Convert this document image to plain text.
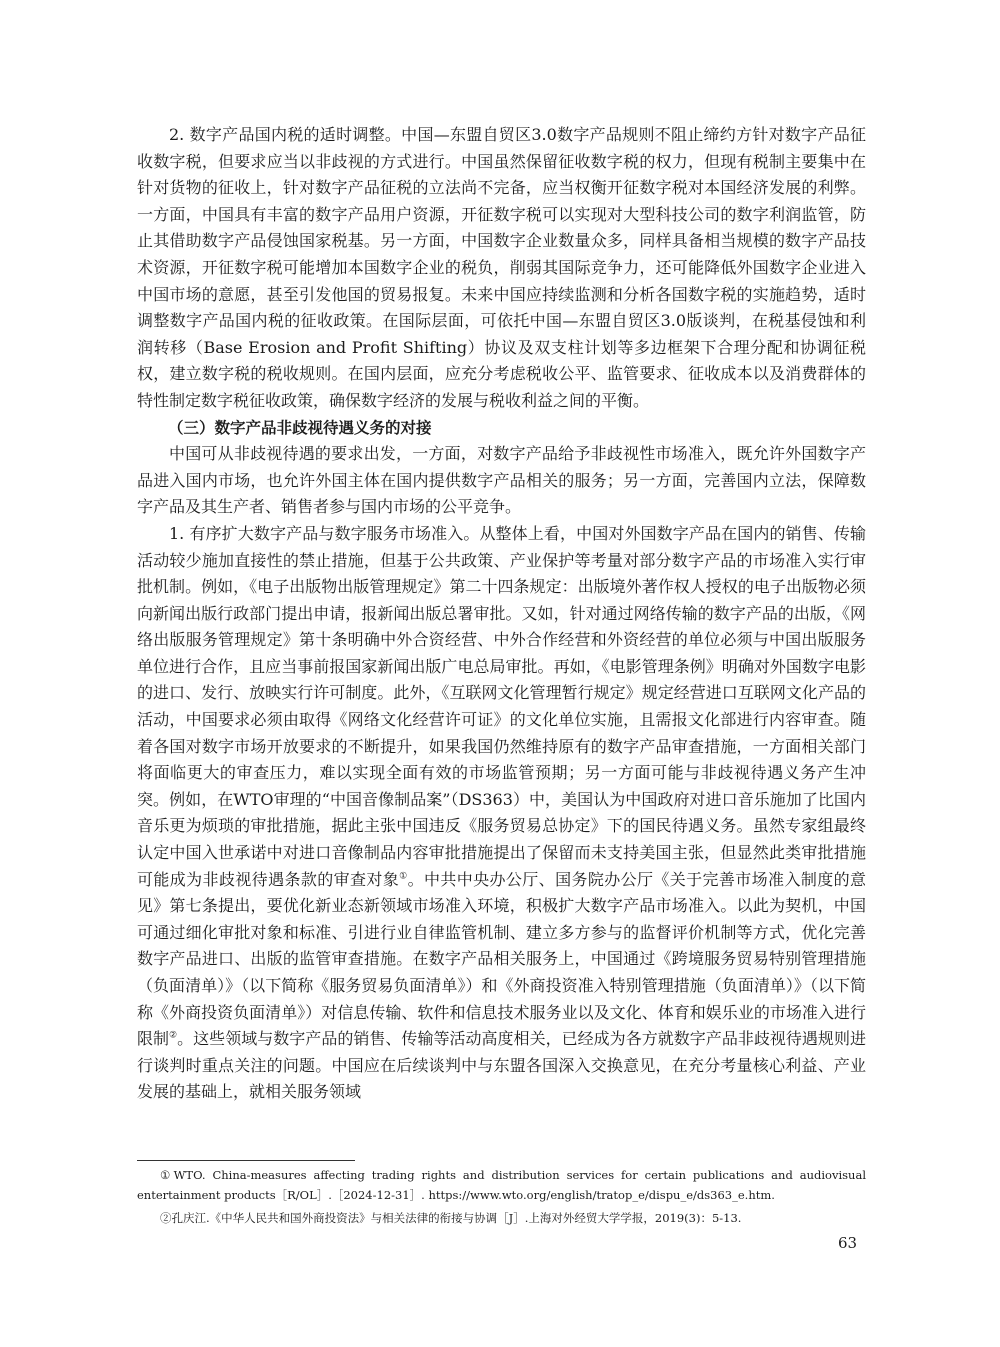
2. 数字产品国内税的适时调整。中国—东盟自贸区3.0数字产品规则不阻止缔约方针对数字产品征收数字税，但要求应当以非歧视的方式进行。中国虽然保留征收数字税的权力，但现有税制主要集中在针对货物的征收上，针对数字产品征税的立法尚不完备，应当权衡开征数字税对本国经济发展的利弊。一方面，中国具有丰富的数字产品用户资源，开征数字税可以实现对大型科技公司的数字利润监管，防止其借助数字产品侵蚀国家税基。另一方面，中国数字企业数量众多，同样具备相当规模的数字产品技术资源，开征数字税可能增加本国数字企业的税负，削弱其国际竞争力，还可能降低外国数字企业进入中国市场的意愿，甚至引发他国的贸易报复。未来中国应持续监测和分析各国数字税的实施趋势，适时调整数字产品国内税的征收政策。在国际层面，可依托中国—东盟自贸区3.0版谈判，在税基侵蚀和利润转移（Base Erosion and Profit Shifting）协议及双支柱计划等多边框架下合理分配和协调征税权，建立数字税的税收规则。在国内层面，应充分考虑税收公平、监管要求、征收成本以及消费群体的特性制定数字税征收政策，确保数字经济的发展与税收利益之间的平衡。

（三）数字产品非歧视待遇义务的对接

中国可从非歧视待遇的要求出发，一方面，对数字产品给予非歧视性市场准入，既允许外国数字产品进入国内市场，也允许外国主体在国内提供数字产品相关的服务；另一方面，完善国内立法，保障数字产品及其生产者、销售者参与国内市场的公平竞争。

1. 有序扩大数字产品与数字服务市场准入。从整体上看，中国对外国数字产品在国内的销售、传输活动较少施加直接性的禁止措施，但基于公共政策、产业保护等考量对部分数字产品的市场准入实行审批机制。例如，《电子出版物出版管理规定》第二十四条规定：出版境外著作权人授权的电子出版物必须向新闻出版行政部门提出申请，报新闻出版总署审批。又如，针对通过网络传输的数字产品的出版，《网络出版服务管理规定》第十条明确中外合资经营、中外合作经营和外资经营的单位必须与中国出版服务单位进行合作，且应当事前报国家新闻出版广电总局审批。再如，《电影管理条例》明确对外国数字电影的进口、发行、放映实行许可制度。此外，《互联网文化管理暂行规定》规定经营进口互联网文化产品的活动，中国要求必须由取得《网络文化经营许可证》的文化单位实施，且需报文化部进行内容审查。随着各国对数字市场开放要求的不断提升，如果我国仍然维持原有的数字产品审查措施，一方面相关部门将面临更大的审查压力，难以实现全面有效的市场监管预期；另一方面可能与非歧视待遇义务产生冲突。例如，在WTO审理的“中国音像制品案”（DS363）中，美国认为中国政府对进口音乐施加了比国内音乐更为烦琐的审批措施，据此主张中国违反《服务贸易总协定》下的国民待遇义务。虽然专家组最终认定中国入世承诺中对进口音像制品内容审批措施提出了保留而未支持美国主张，但显然此类审批措施可能成为非歧视待遇条款的审查对象①。中共中央办公厅、国务院办公厅《关于完善市场准入制度的意见》第七条提出，要优化新业态新领域市场准入环境，积极扩大数字产品市场准入。以此为契机，中国可通过细化审批对象和标准、引进行业自律监管机制、建立多方参与的监督评价机制等方式，优化完善数字产品进口、出版的监管审查措施。在数字产品相关服务上，中国通过《跨境服务贸易特别管理措施（负面清单）》（以下简称《服务贸易负面清单》）和《外商投资准入特别管理措施（负面清单）》（以下简称《外商投资负面清单》）对信息传输、软件和信息技术服务业以及文化、体育和娱乐业的市场准入进行限制②。这些领域与数字产品的销售、传输等活动高度相关，已经成为各方就数字产品非歧视待遇规则进行谈判时重点关注的问题。中国应在后续谈判中与东盟各国深入交换意见，在充分考量核心利益、产业发展的基础上，就相关服务领域

①WTO. China-measures affecting trading rights and distribution services for certain publications and audiovisual entertainment products［R/OL］.［2024-12-31］. https://www.wto.org/english/tratop_e/dispu_e/ds363_e.htm.

②孔庆江.《中华人民共和国外商投资法》与相关法律的衔接与协调［J］.上海对外经贸大学学报，2019(3)：5-13.

63
